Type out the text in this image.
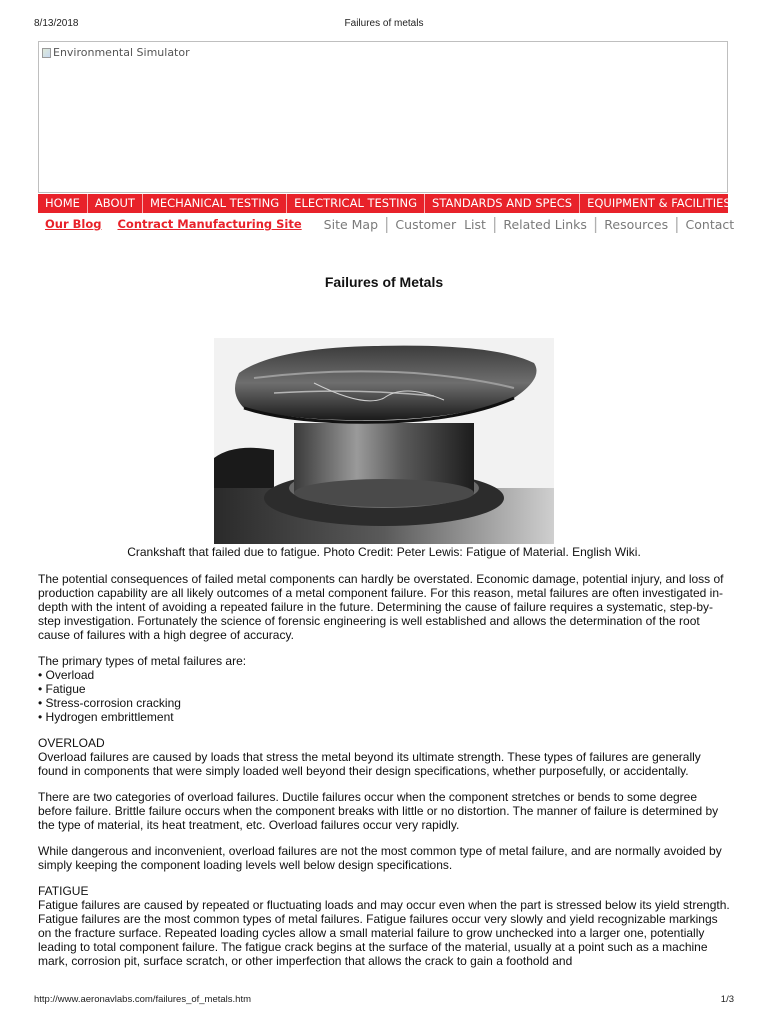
8/13/2018	Failures of metals
Environmental Simulator
HOME	ABOUT	MECHANICAL TESTING	ELECTRICAL TESTING	STANDARDS AND SPECS	EQUIPMENT & FACILITIES
Our Blog Contract Manufacturing Site	Site Map | Customer  List | Related Links | Resources | Contact
Failures of Metals
Crankshaft that failed due to fatigue. Photo Credit: Peter Lewis: Fatigue of Material. English Wiki.

The potential consequences of failed metal components can hardly be overstated. Economic damage, potential injury, and loss of production capability are all likely outcomes of a metal component failure. For this reason, metal failures are often investigated in-depth with the intent of avoiding a repeated failure in the future. Determining the cause of failure requires a systematic, step-by-step investigation. Fortunately the science of forensic engineering is well established and allows the determination of the root cause of failures with a high degree of accuracy.

The primary types of metal failures are:

• Overload
• Fatigue
• Stress-corrosion cracking
• Hydrogen embrittlement
OVERLOAD

Overload failures are caused by loads that stress the metal beyond its ultimate strength. These types of failures are generally found in components that were simply loaded well beyond their design specifications, whether purposefully, or accidentally.

There are two categories of overload failures. Ductile failures occur when the component stretches or bends to some degree before failure. Brittle failure occurs when the component breaks with little or no distortion. The manner of failure is determined by the type of material, its heat treatment, etc. Overload failures occur very rapidly.

While dangerous and inconvenient, overload failures are not the most common type of metal failure, and are normally avoided by simply keeping the component loading levels well below design specifications.

FATIGUE

Fatigue failures are caused by repeated or fluctuating loads and may occur even when the part is stressed below its yield strength. Fatigue failures are the most common types of metal failures. Fatigue failures occur very slowly and yield recognizable markings on the fracture surface. Repeated loading cycles allow a small material failure to grow unchecked into a larger one, potentially leading to total component failure. The fatigue crack begins at the surface of the material, usually at a point such as a machine mark, corrosion pit, surface scratch, or other imperfection that allows the crack to gain a foothold and

http://www.aeronavlabs.com/failures_of_metals.htm	1/3
